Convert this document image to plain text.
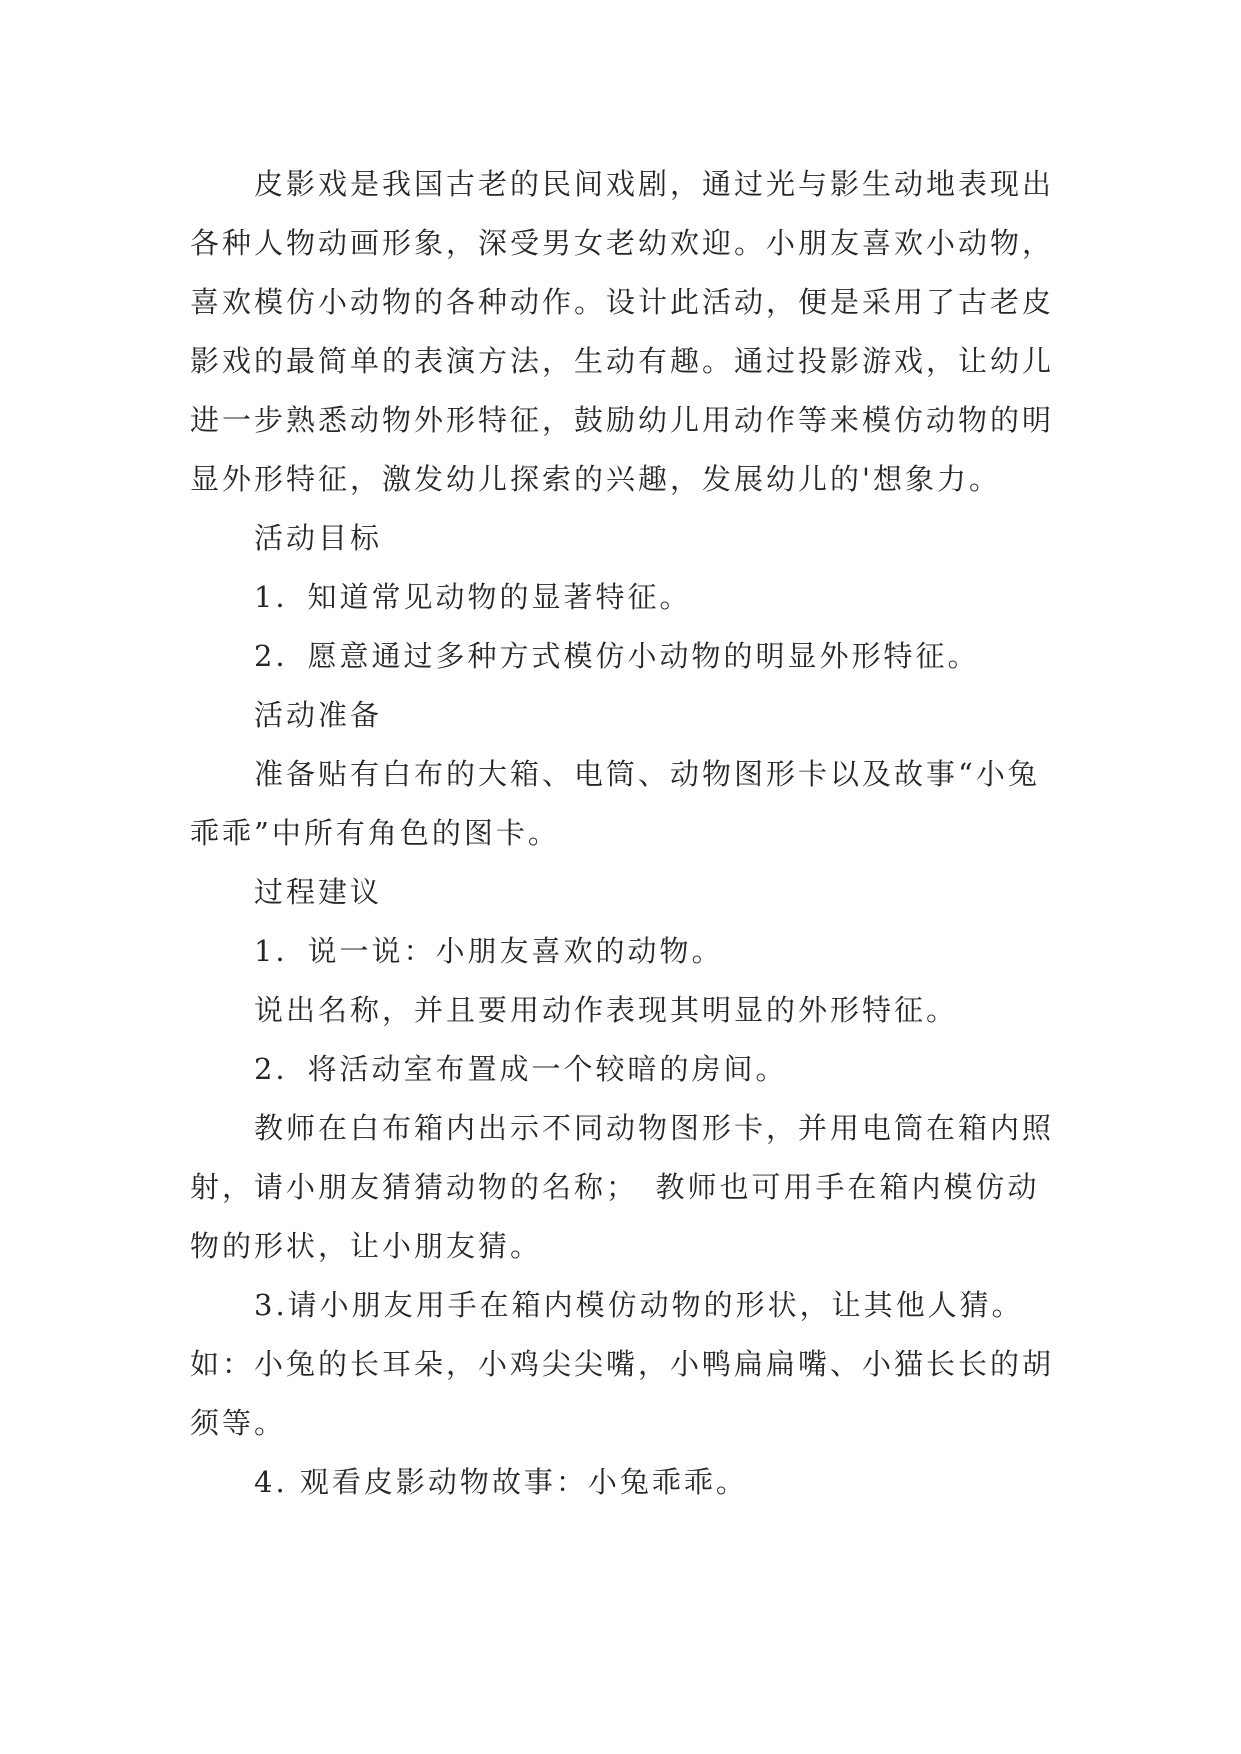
皮影戏是我国古老的民间戏剧，通过光与影生动地表现出各种人物动画形象，深受男女老幼欢迎。小朋友喜欢小动物，喜欢模仿小动物的各种动作。设计此活动，便是采用了古老皮影戏的最简单的表演方法，生动有趣。通过投影游戏，让幼儿进一步熟悉动物外形特征，鼓励幼儿用动作等来模仿动物的明显外形特征，激发幼儿探索的兴趣，发展幼儿的'想象力。

活动目标

1．知道常见动物的显著特征。

2．愿意通过多种方式模仿小动物的明显外形特征。

活动准备

准备贴有白布的大箱、电筒、动物图形卡以及故事“小兔乖乖”中所有角色的图卡。

过程建议

1．说一说：小朋友喜欢的动物。

说出名称，并且要用动作表现其明显的外形特征。

2．将活动室布置成一个较暗的房间。

教师在白布箱内出示不同动物图形卡，并用电筒在箱内照射，请小朋友猜猜动物的名称；　教师也可用手在箱内模仿动物的形状，让小朋友猜。

3.请小朋友用手在箱内模仿动物的形状，让其他人猜。如：小兔的长耳朵，小鸡尖尖嘴，小鸭扁扁嘴、小猫长长的胡须等。

4. 观看皮影动物故事：小兔乖乖。
